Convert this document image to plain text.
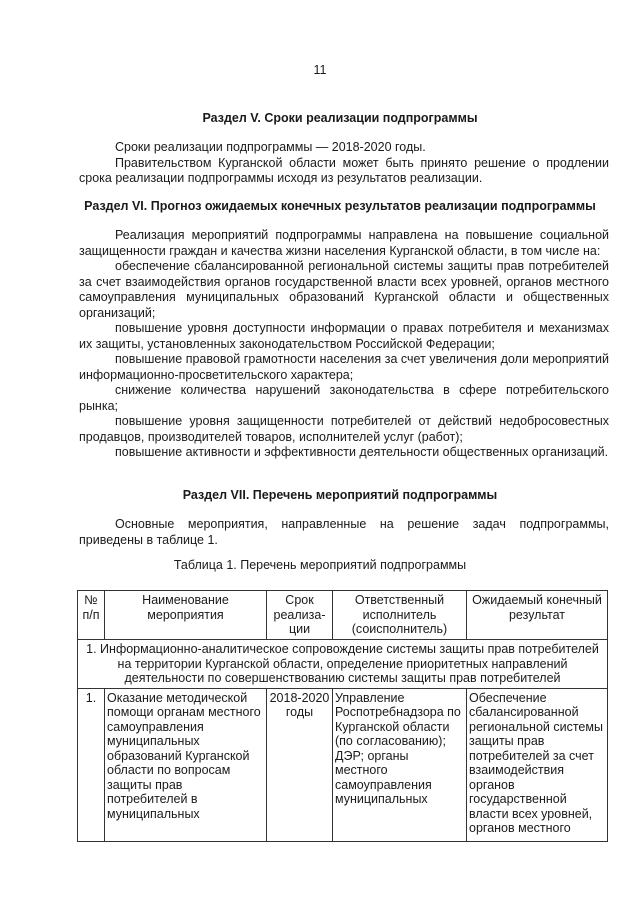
11
Раздел V. Сроки реализации подпрограммы

Сроки реализации подпрограммы — 2018-2020 годы.

Правительством Курганской области может быть принято решение о продлении срока реализации подпрограммы исходя из результатов реализации.

Раздел VI. Прогноз ожидаемых конечных результатов реализации подпрограммы

Реализация мероприятий подпрограммы направлена на повышение социальной защищенности граждан и качества жизни населения Курганской области, в том числе на:

обеспечение сбалансированной региональной системы защиты прав потребителей за счет взаимодействия органов государственной власти всех уровней, органов местного самоуправления муниципальных образований Курганской области и общественных организаций;

повышение уровня доступности информации о правах потребителя и механизмах их защиты, установленных законодательством Российской Федерации;

повышение правовой грамотности населения за счет увеличения доли мероприятий информационно-просветительского характера;

снижение количества нарушений законодательства в сфере потребительского рынка;

повышение уровня защищенности потребителей от действий недобросовестных продавцов, производителей товаров, исполнителей услуг (работ);

повышение активности и эффективности деятельности общественных организаций.

Раздел VII. Перечень мероприятий подпрограммы

Основные мероприятия, направленные на решение задач подпрограммы, приведены в таблице 1.

Таблица 1. Перечень мероприятий подпрограммы
№ п/п	Наименование мероприятия	Срок реализа-ции	Ответственный исполнитель (соисполнитель)	Ожидаемый конечный результат
1. Информационно-аналитическое сопровождение системы защиты прав потребителей на территории Курганской области, определение приоритетных направлений деятельности по совершенствованию системы защиты прав потребителей				

1.	Оказание методической помощи органам местного самоуправления муниципальных образований Курганской области по вопросам защиты прав потребителей в муниципальных	2018-2020 годы	Управление Роспотребнадзора по Курганской области (по согласованию); ДЭР; органы местного самоуправления муниципальных	Обеспечение сбалансированной региональной системы защиты прав потребителей за счет взаимодействия органов государственной власти всех уровней, органов местного
